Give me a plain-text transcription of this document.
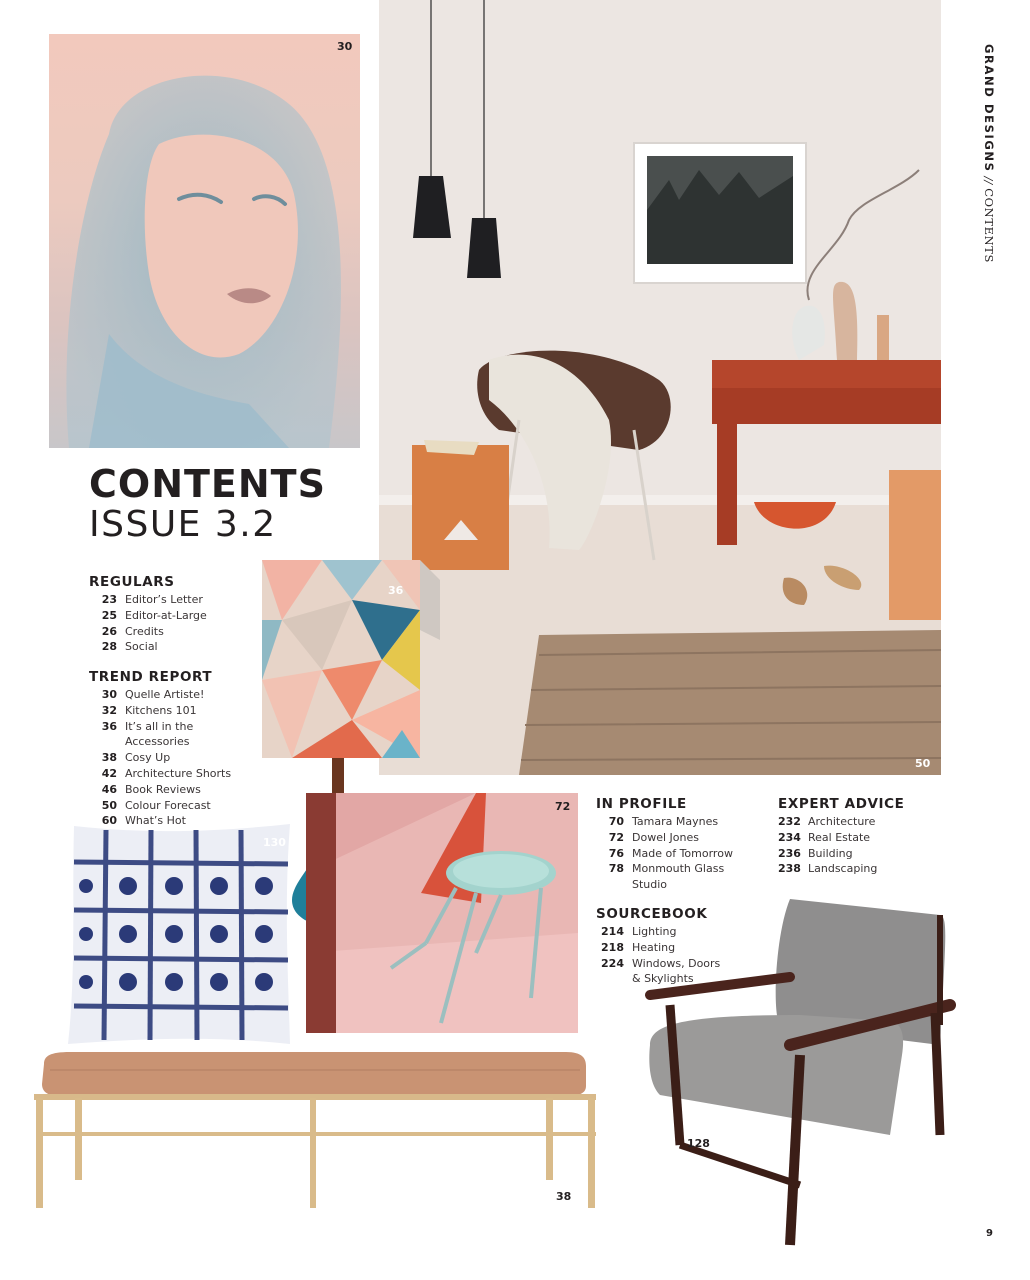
30
50
GRAND DESIGNS//CONTENTS
CONTENTS
ISSUE 3.2
36
72
130
38
128
REGULARS
23 Editor’s Letter
25 Editor-at-Large
26 Credits
28 Social
TREND REPORT
30 Quelle Artiste!
32 Kitchens 101
36 It’s all in the
Accessories
38 Cosy Up
42 Architecture Shorts
46 Book Reviews
50 Colour Forecast
60 What’s Hot
IN PROFILE
70 Tamara Maynes
72 Dowel Jones
76 Made of Tomorrow
78 Monmouth Glass
Studio
EXPERT ADVICE
232 Architecture
234 Real Estate
236 Building
238 Landscaping
SOURCEBOOK
214 Lighting
218 Heating
224 Windows, Doors
& Skylights
9
